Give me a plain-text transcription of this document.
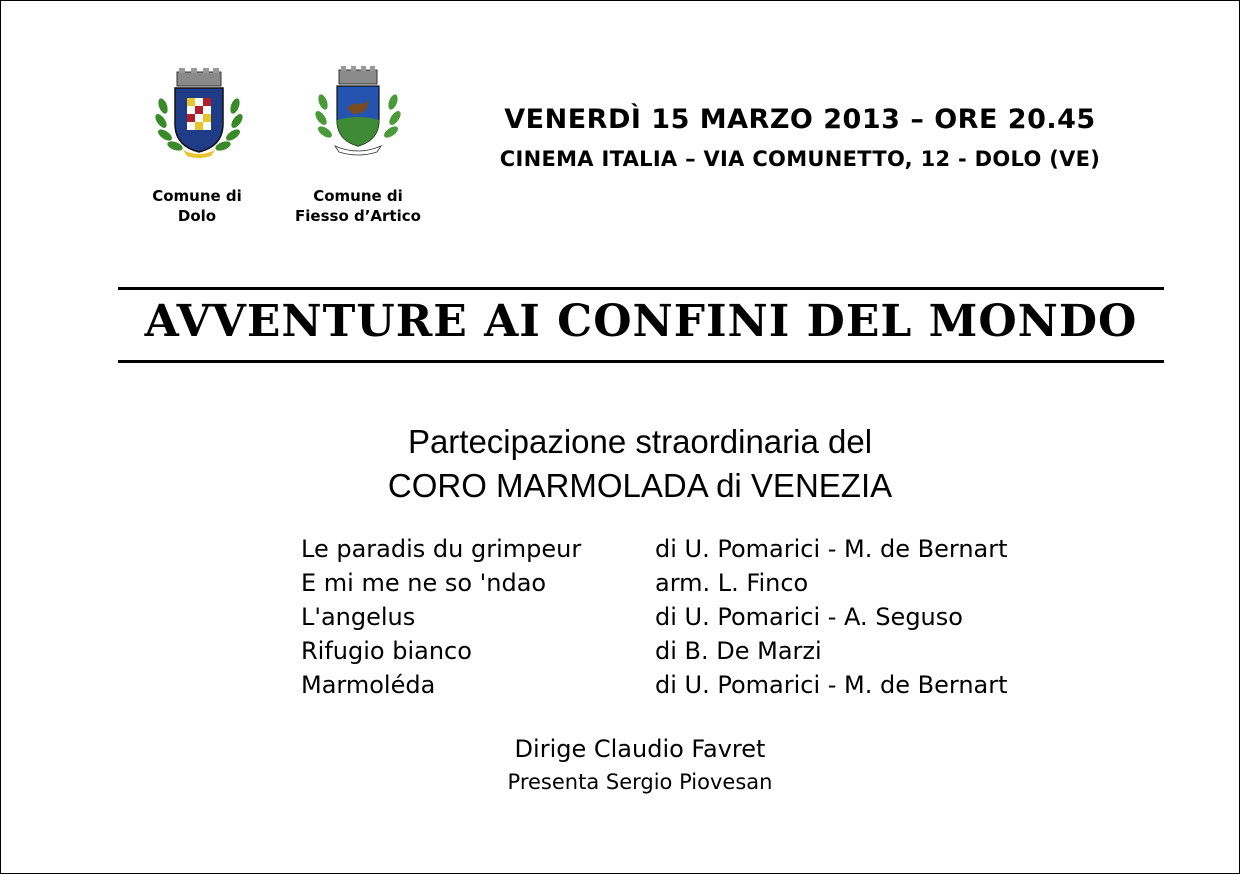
Comune di
Dolo
Comune di
Fiesso d’Artico
VENERDÌ 15 MARZO 2013 – ORE 20.45
CINEMA ITALIA – VIA COMUNETTO, 12 - DOLO (VE)
AVVENTURE AI CONFINI DEL MONDO
Partecipazione straordinaria del
CORO MARMOLADA di VENEZIA
Le paradis du grimpeur	di U. Pomarici - M. de Bernart
E mi me ne so 'ndao	arm. L. Finco
L'angelus	di U. Pomarici - A. Seguso
Rifugio bianco	di B. De Marzi
Marmoléda	di U. Pomarici - M. de Bernart
Dirige Claudio Favret
Presenta Sergio Piovesan
